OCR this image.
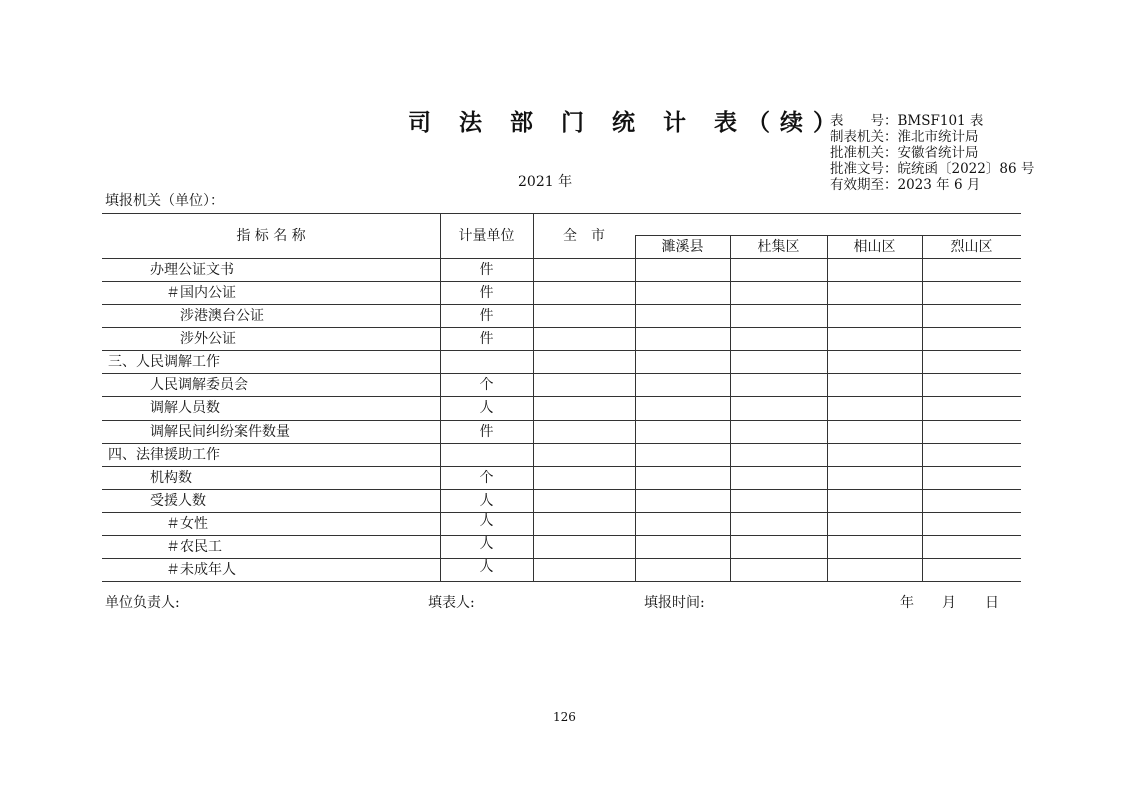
司 法 部 门 统 计 表（续）
表　　号：BMSF101 表
制表机关：淮北市统计局
批准机关：安徽省统计局
批准文号：皖统函〔2022〕86 号
有效期至：2023 年 6 月
2021 年
填报机关（单位）：
指 标 名 称	计量单位	全　市
濉溪县	杜集区	相山区	烈山区
办理公证文书	件
＃国内公证	件
涉港澳台公证	件
涉外公证	件
三、人民调解工作
人民调解委员会	个
调解人员数	人
调解民间纠纷案件数量	件
四、法律援助工作
机构数	个
受援人数	人
＃女性	人
＃农民工	人
＃未成年人	人
单位负责人:	填表人:	填报时间:	年 月 日
126
